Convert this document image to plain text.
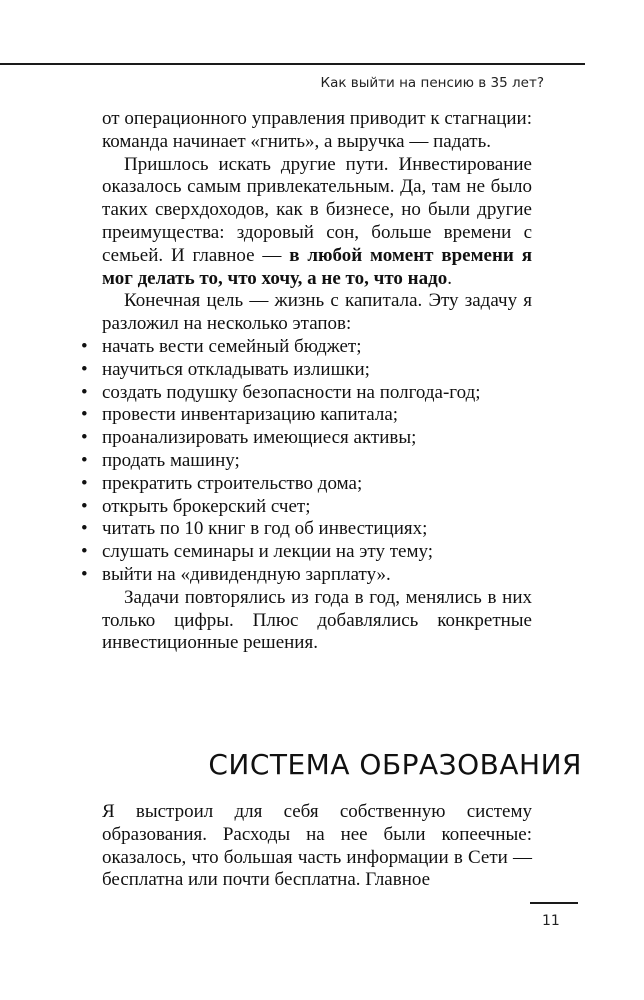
Как выйти на пенсию в 35 лет?

от операционного управления приводит к стагнации: команда начинает «гнить», а выручка — падать.

Пришлось искать другие пути. Инвестирование оказалось самым привлекательным. Да, там не было таких сверхдоходов, как в бизнесе, но были другие преимущества: здоровый сон, больше времени с семьей. И главное — в любой момент времени я мог делать то, что хочу, а не то, что надо.

Конечная цель — жизнь с капитала. Эту задачу я разложил на несколько этапов:

• начать вести семейный бюджет;
• научиться откладывать излишки;
• создать подушку безопасности на полгода-год;
• провести инвентаризацию капитала;
• проанализировать имеющиеся активы;
• продать машину;
• прекратить строительство дома;
• открыть брокерский счет;
• читать по 10 книг в год об инвестициях;
• слушать семинары и лекции на эту тему;
• выйти на «дивидендную зарплату».

Задачи повторялись из года в год, менялись в них только цифры. Плюс добавлялись конкретные инвестиционные решения.

СИСТЕМА ОБРАЗОВАНИЯ

Я выстроил для себя собственную систему образования. Расходы на нее были копеечные: оказалось, что большая часть информации в Сети — бесплатна или почти бесплатна. Главное

11
